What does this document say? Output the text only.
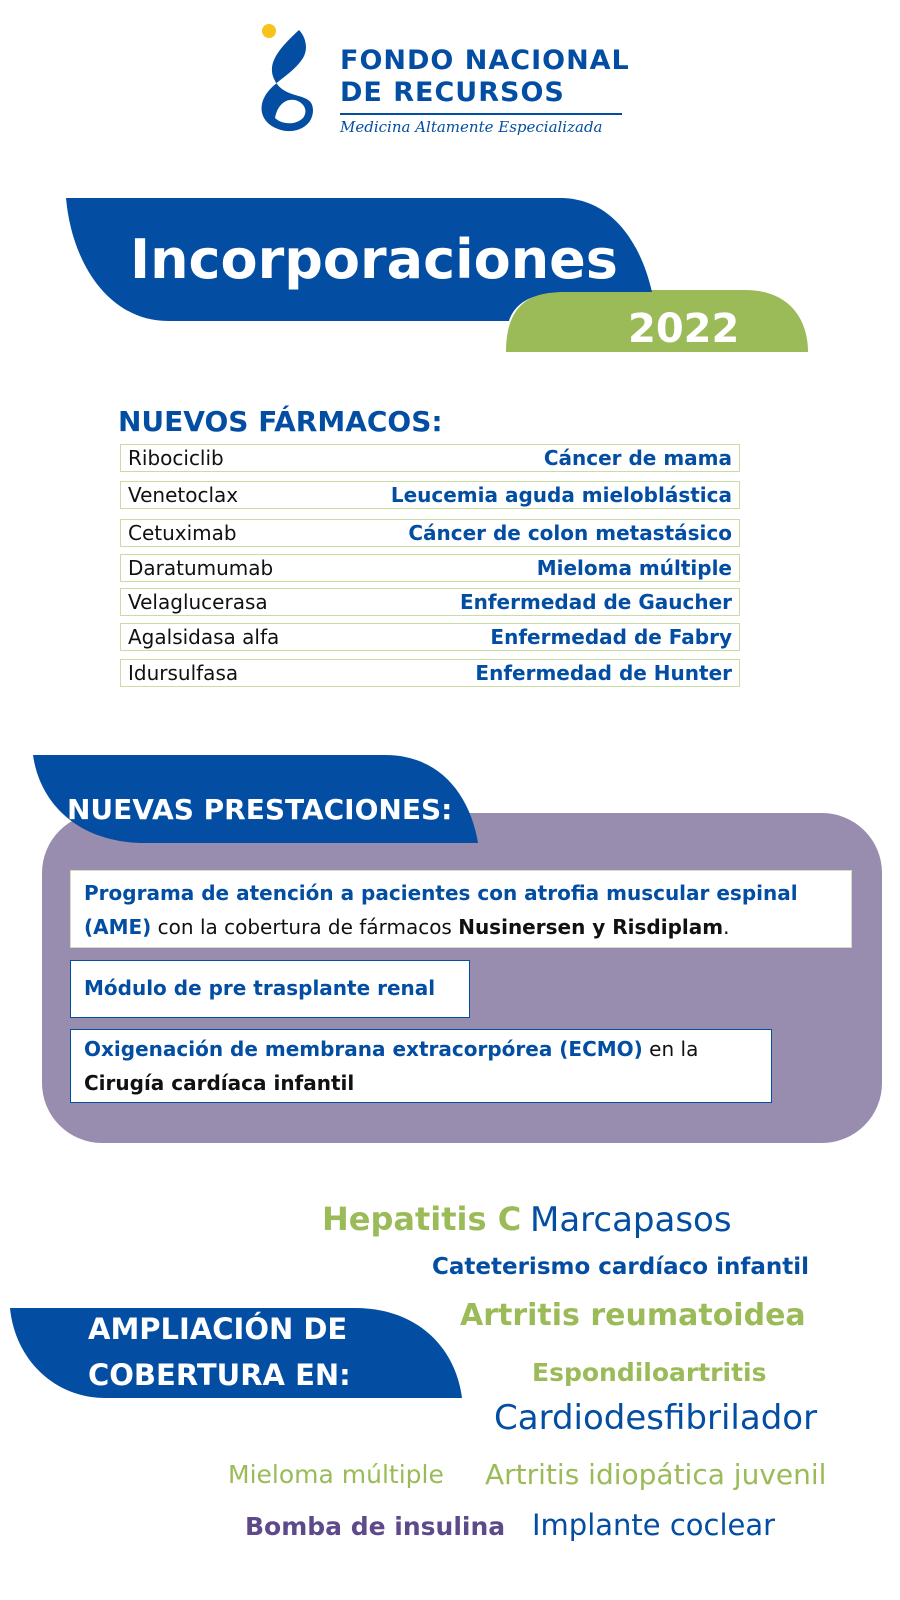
FONDO NACIONAL
DE RECURSOS
Medicina Altamente Especializada
Incorporaciones
2022
NUEVOS FÁRMACOS:
Ribociclib	Cáncer de mama
Venetoclax	Leucemia aguda mieloblástica
Cetuximab	Cáncer de colon metastásico
Daratumumab	Mieloma múltiple
Velaglucerasa	Enfermedad de Gaucher
Agalsidasa alfa	Enfermedad de Fabry
Idursulfasa	Enfermedad de Hunter
NUEVAS PRESTACIONES:
Programa de atención a pacientes con atrofia muscular espinal (AME) con la cobertura de fármacos Nusinersen y Risdiplam.
Módulo de pre trasplante renal
Oxigenación de membrana extracorpórea (ECMO) en la
Cirugía cardíaca infantil
AMPLIACIÓN DE
COBERTURA EN:
Hepatitis C Marcapasos
Cateterismo cardíaco infantil
Artritis reumatoidea
Espondiloartritis
Cardiodesfibrilador
Mieloma múltiple Artritis idiopática juvenil
Bomba de insulina Implante coclear
